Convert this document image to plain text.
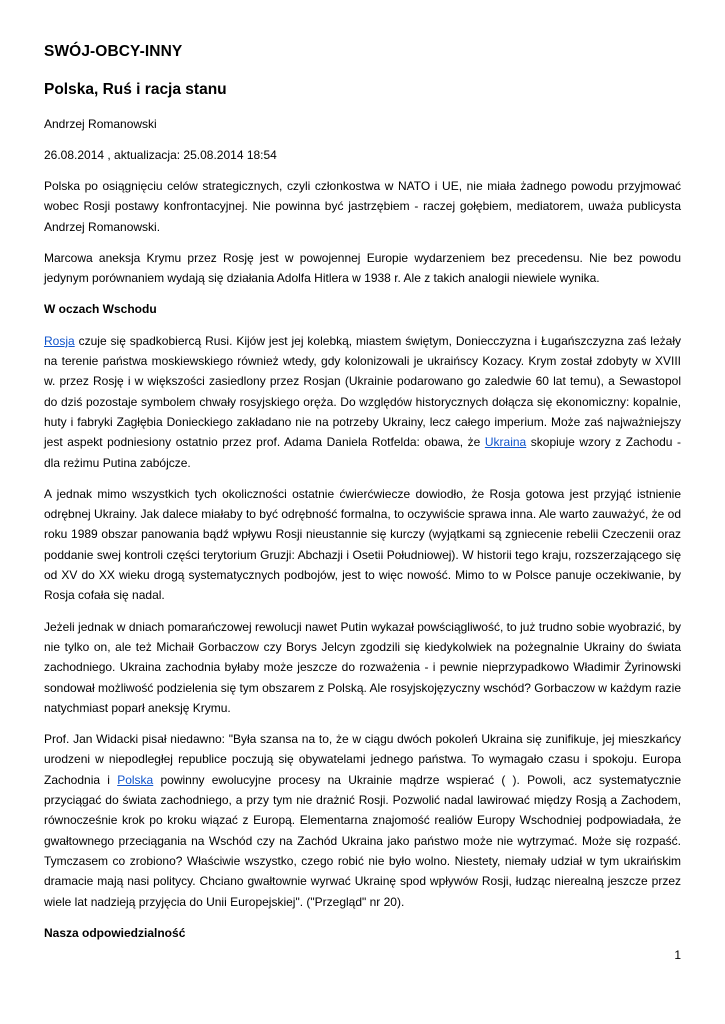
SWÓJ-OBCY-INNY
Polska, Ruś i racja stanu
Andrzej Romanowski
26.08.2014 , aktualizacja: 25.08.2014 18:54

Polska po osiągnięciu celów strategicznych, czyli członkostwa w NATO i UE, nie miała żadnego powodu przyjmować wobec Rosji postawy konfrontacyjnej. Nie powinna być jastrzębiem - raczej gołębiem, mediatorem, uważa publicysta Andrzej Romanowski.

Marcowa aneksja Krymu przez Rosję jest w powojennej Europie wydarzeniem bez precedensu. Nie bez powodu jedynym porównaniem wydają się działania Adolfa Hitlera w 1938 r. Ale z takich analogii niewiele wynika.

W oczach Wschodu

Rosja czuje się spadkobiercą Rusi. Kijów jest jej kolebką, miastem świętym, Doniecczyzna i Ługańszczyzna zaś leżały na terenie państwa moskiewskiego również wtedy, gdy kolonizowali je ukraińscy Kozacy. Krym został zdobyty w XVIII w. przez Rosję i w większości zasiedlony przez Rosjan (Ukrainie podarowano go zaledwie 60 lat temu), a Sewastopol do dziś pozostaje symbolem chwały rosyjskiego oręża. Do względów historycznych dołącza się ekonomiczny: kopalnie, huty i fabryki Zagłębia Donieckiego zakładano nie na potrzeby Ukrainy, lecz całego imperium. Może zaś najważniejszy jest aspekt podniesiony ostatnio przez prof. Adama Daniela Rotfelda: obawa, że Ukraina skopiuje wzory z Zachodu - dla reżimu Putina zabójcze.

A jednak mimo wszystkich tych okoliczności ostatnie ćwierćwiecze dowiodło, że Rosja gotowa jest przyjąć istnienie odrębnej Ukrainy. Jak dalece miałaby to być odrębność formalna, to oczywiście sprawa inna. Ale warto zauważyć, że od roku 1989 obszar panowania bądź wpływu Rosji nieustannie się kurczy (wyjątkami są zgniecenie rebelii Czeczenii oraz poddanie swej kontroli części terytorium Gruzji: Abchazji i Osetii Południowej). W historii tego kraju, rozszerzającego się od XV do XX wieku drogą systematycznych podbojów, jest to więc nowość. Mimo to w Polsce panuje oczekiwanie, by Rosja cofała się nadal.

Jeżeli jednak w dniach pomarańczowej rewolucji nawet Putin wykazał powściągliwość, to już trudno sobie wyobrazić, by nie tylko on, ale też Michaił Gorbaczow czy Borys Jelcyn zgodzili się kiedykolwiek na pożegnalnie Ukrainy do świata zachodniego. Ukraina zachodnia byłaby może jeszcze do rozważenia - i pewnie nieprzypadkowo Władimir Żyrinowski sondował możliwość podzielenia się tym obszarem z Polską. Ale rosyjskojęzyczny wschód? Gorbaczow w każdym razie natychmiast poparł aneksję Krymu.

Prof. Jan Widacki pisał niedawno: "Była szansa na to, że w ciągu dwóch pokoleń Ukraina się zunifikuje, jej mieszkańcy urodzeni w niepodległej republice poczują się obywatelami jednego państwa. To wymagało czasu i spokoju. Europa Zachodnia i Polska powinny ewolucyjne procesy na Ukrainie mądrze wspierać ( ). Powoli, acz systematycznie przyciągać do świata zachodniego, a przy tym nie drażnić Rosji. Pozwolić nadal lawirować między Rosją a Zachodem, równocześnie krok po kroku wiązać z Europą. Elementarna znajomość realiów Europy Wschodniej podpowiadała, że gwałtownego przeciągania na Wschód czy na Zachód Ukraina jako państwo może nie wytrzymać. Może się rozpaść. Tymczasem co zrobiono? Właściwie wszystko, czego robić nie było wolno. Niestety, niemały udział w tym ukraińskim dramacie mają nasi politycy. Chciano gwałtownie wyrwać Ukrainę spod wpływów Rosji, łudząc nierealną jeszcze przez wiele lat nadzieją przyjęcia do Unii Europejskiej". ("Przegląd" nr 20).

Nasza odpowiedzialność

1
